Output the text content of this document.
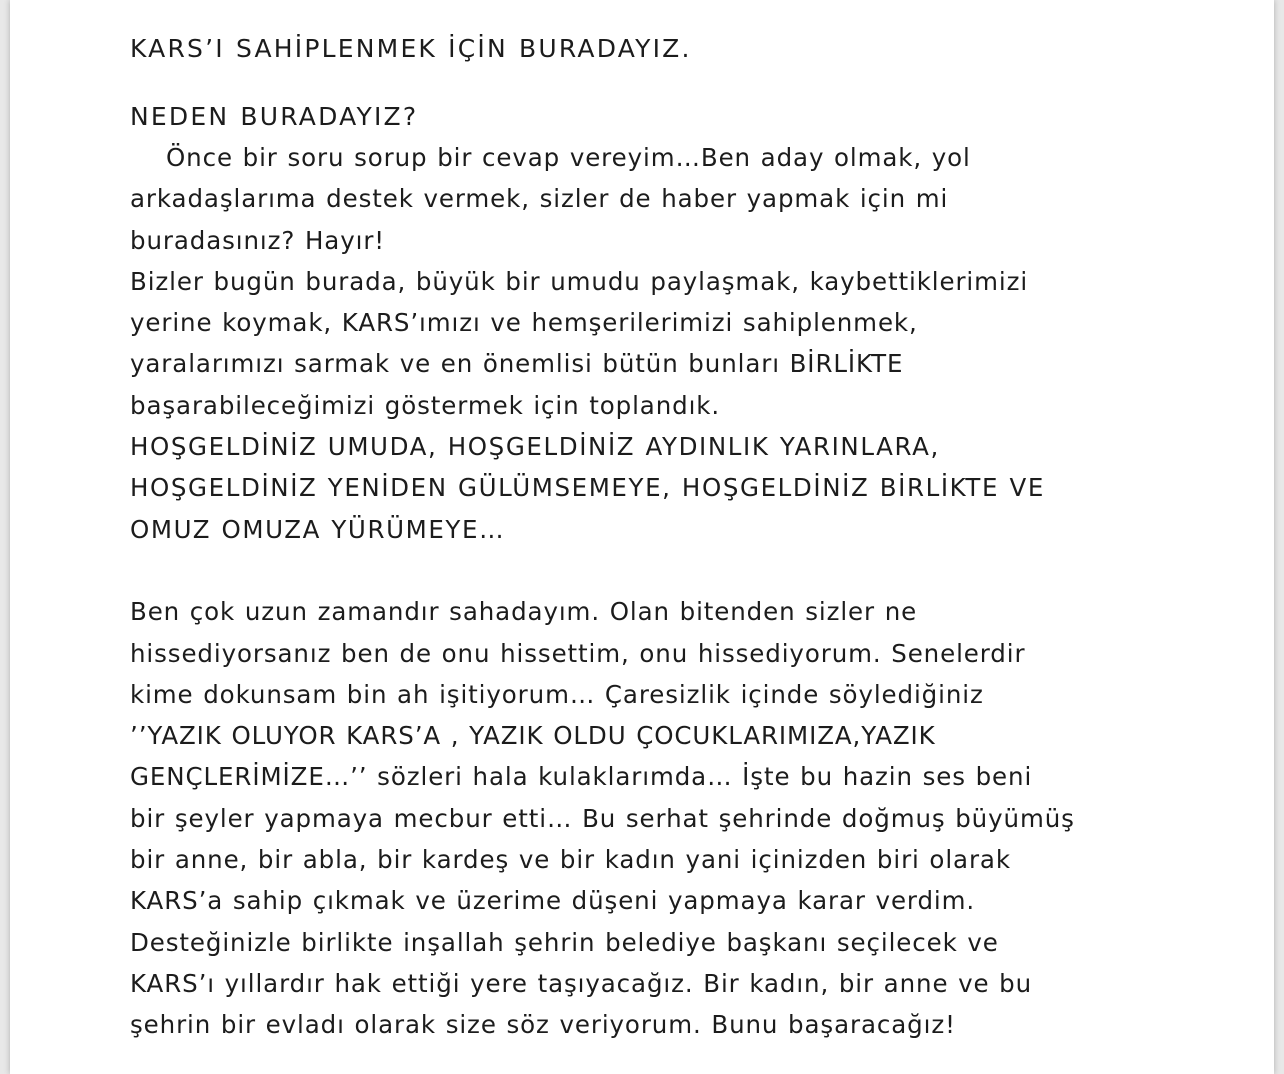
KARS’I SAHİPLENMEK İÇİN BURADAYIZ.
NEDEN BURADAYIZ?
Önce bir soru sorup bir cevap vereyim…Ben aday olmak, yol
arkadaşlarıma destek vermek, sizler de haber yapmak için mi
buradasınız? Hayır!
Bizler bugün burada, büyük bir umudu paylaşmak, kaybettiklerimizi
yerine koymak, KARS’ımızı ve hemşerilerimizi sahiplenmek,
yaralarımızı sarmak ve en önemlisi bütün bunları BİRLİKTE
başarabileceğimizi göstermek için toplandık.
HOŞGELDİNİZ UMUDA, HOŞGELDİNİZ AYDINLIK YARINLARA,
HOŞGELDİNİZ YENİDEN GÜLÜMSEMEYE, HOŞGELDİNİZ BİRLİKTE VE
OMUZ OMUZA YÜRÜMEYE…
Ben çok uzun zamandır sahadayım. Olan bitenden sizler ne
hissediyorsanız ben de onu hissettim, onu hissediyorum. Senelerdir
kime dokunsam bin ah işitiyorum… Çaresizlik içinde söylediğiniz
’’YAZIK OLUYOR KARS’A , YAZIK OLDU ÇOCUKLARIMIZA,YAZIK
GENÇLERİMİZE…’’ sözleri hala kulaklarımda… İşte bu hazin ses beni
bir şeyler yapmaya mecbur etti… Bu serhat şehrinde doğmuş büyümüş
bir anne, bir abla, bir kardeş ve bir kadın yani içinizden biri olarak
KARS’a sahip çıkmak ve üzerime düşeni yapmaya karar verdim.
Desteğinizle birlikte inşallah şehrin belediye başkanı seçilecek ve
KARS’ı yıllardır hak ettiği yere taşıyacağız. Bir kadın, bir anne ve bu
şehrin bir evladı olarak size söz veriyorum. Bunu başaracağız!
